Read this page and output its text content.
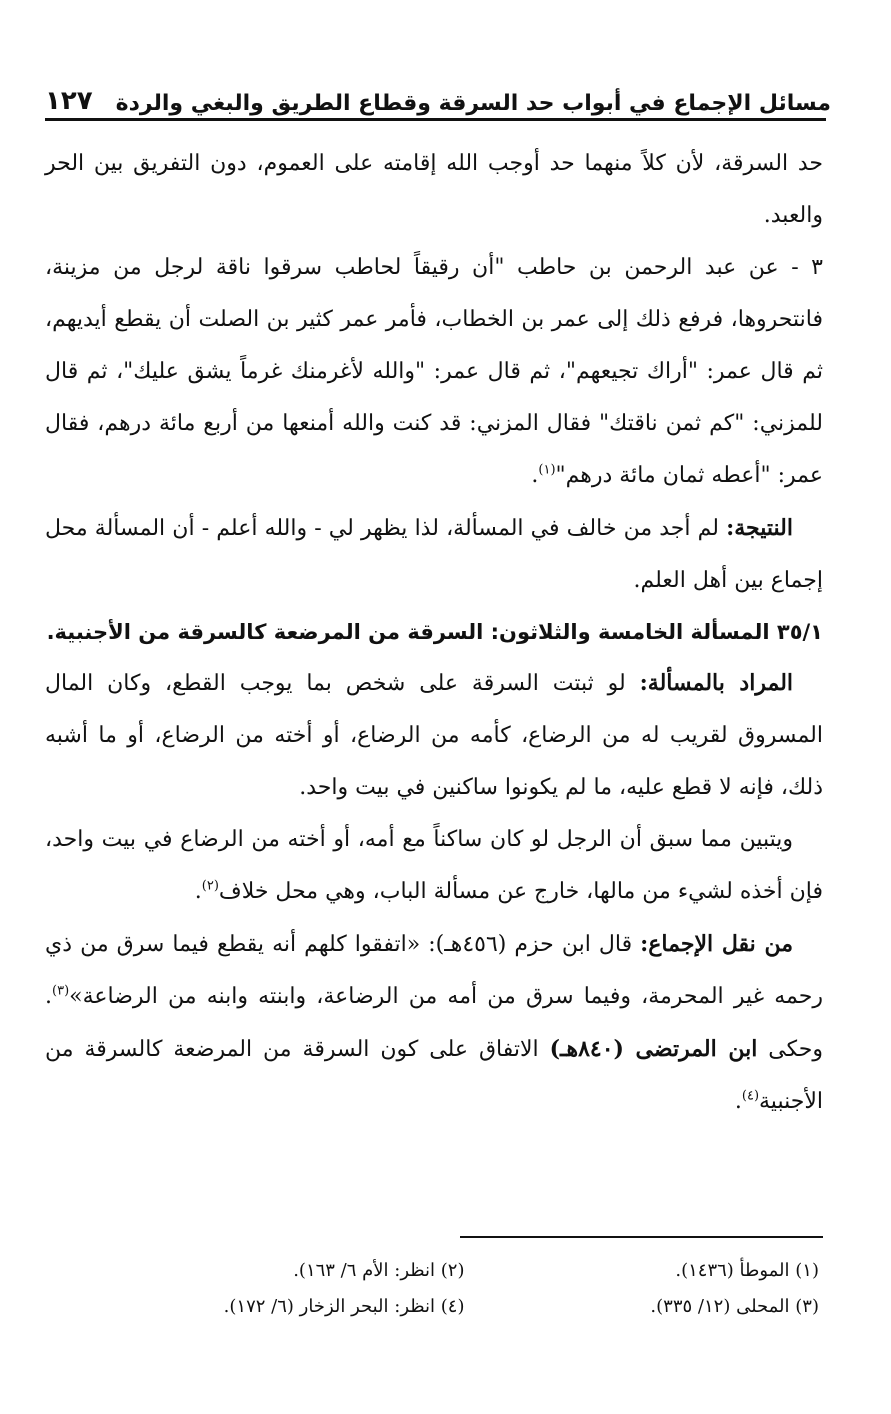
مسائل الإجماع في أبواب حد السرقة وقطاع الطريق والبغي والردة
١٢٧

حد السرقة، لأن كلاً منهما حد أوجب الله إقامته على العموم، دون التفريق بين الحر والعبد.

٣ - عن عبد الرحمن بن حاطب "أن رقيقاً لحاطب سرقوا ناقة لرجل من مزينة، فانتحروها، فرفع ذلك إلى عمر بن الخطاب، فأمر عمر كثير بن الصلت أن يقطع أيديهم، ثم قال عمر: "أراك تجيعهم"، ثم قال عمر: "والله لأغرمنك غرماً يشق عليك"، ثم قال للمزني: "كم ثمن ناقتك" فقال المزني: قد كنت والله أمنعها من أربع مائة درهم، فقال عمر: "أعطه ثمان مائة درهم"$^{(١)}$.

النتيجة: لم أجد من خالف في المسألة، لذا يظهر لي - والله أعلم - أن المسألة محل إجماع بين أهل العلم.

٣٥/١ المسألة الخامسة والثلاثون: السرقة من المرضعة كالسرقة من الأجنبية.

المراد بالمسألة: لو ثبتت السرقة على شخص بما يوجب القطع، وكان المال المسروق لقريب له من الرضاع، كأمه من الرضاع، أو أخته من الرضاع، أو ما أشبه ذلك، فإنه لا قطع عليه، ما لم يكونوا ساكنين في بيت واحد.

ويتبين مما سبق أن الرجل لو كان ساكناً مع أمه، أو أخته من الرضاع في بيت واحد، فإن أخذه لشيء من مالها، خارج عن مسألة الباب، وهي محل خلاف$^{(٢)}$.

من نقل الإجماع: قال ابن حزم (٤٥٦هـ): «اتفقوا كلهم أنه يقطع فيما سرق من ذي رحمه غير المحرمة، وفيما سرق من أمه من الرضاعة، وابنته وابنه من الرضاعة»$^{(٣)}$. وحكى ابن المرتضى (٨٤٠هـ) الاتفاق على كون السرقة من المرضعة كالسرقة من الأجنبية$^{(٤)}$.

(١) الموطأ (١٤٣٦).
(٢) انظر: الأم ٦/ ١٦٣).
(٣) المحلى (١٢/ ٣٣٥).
(٤) انظر: البحر الزخار (٦/ ١٧٢).
